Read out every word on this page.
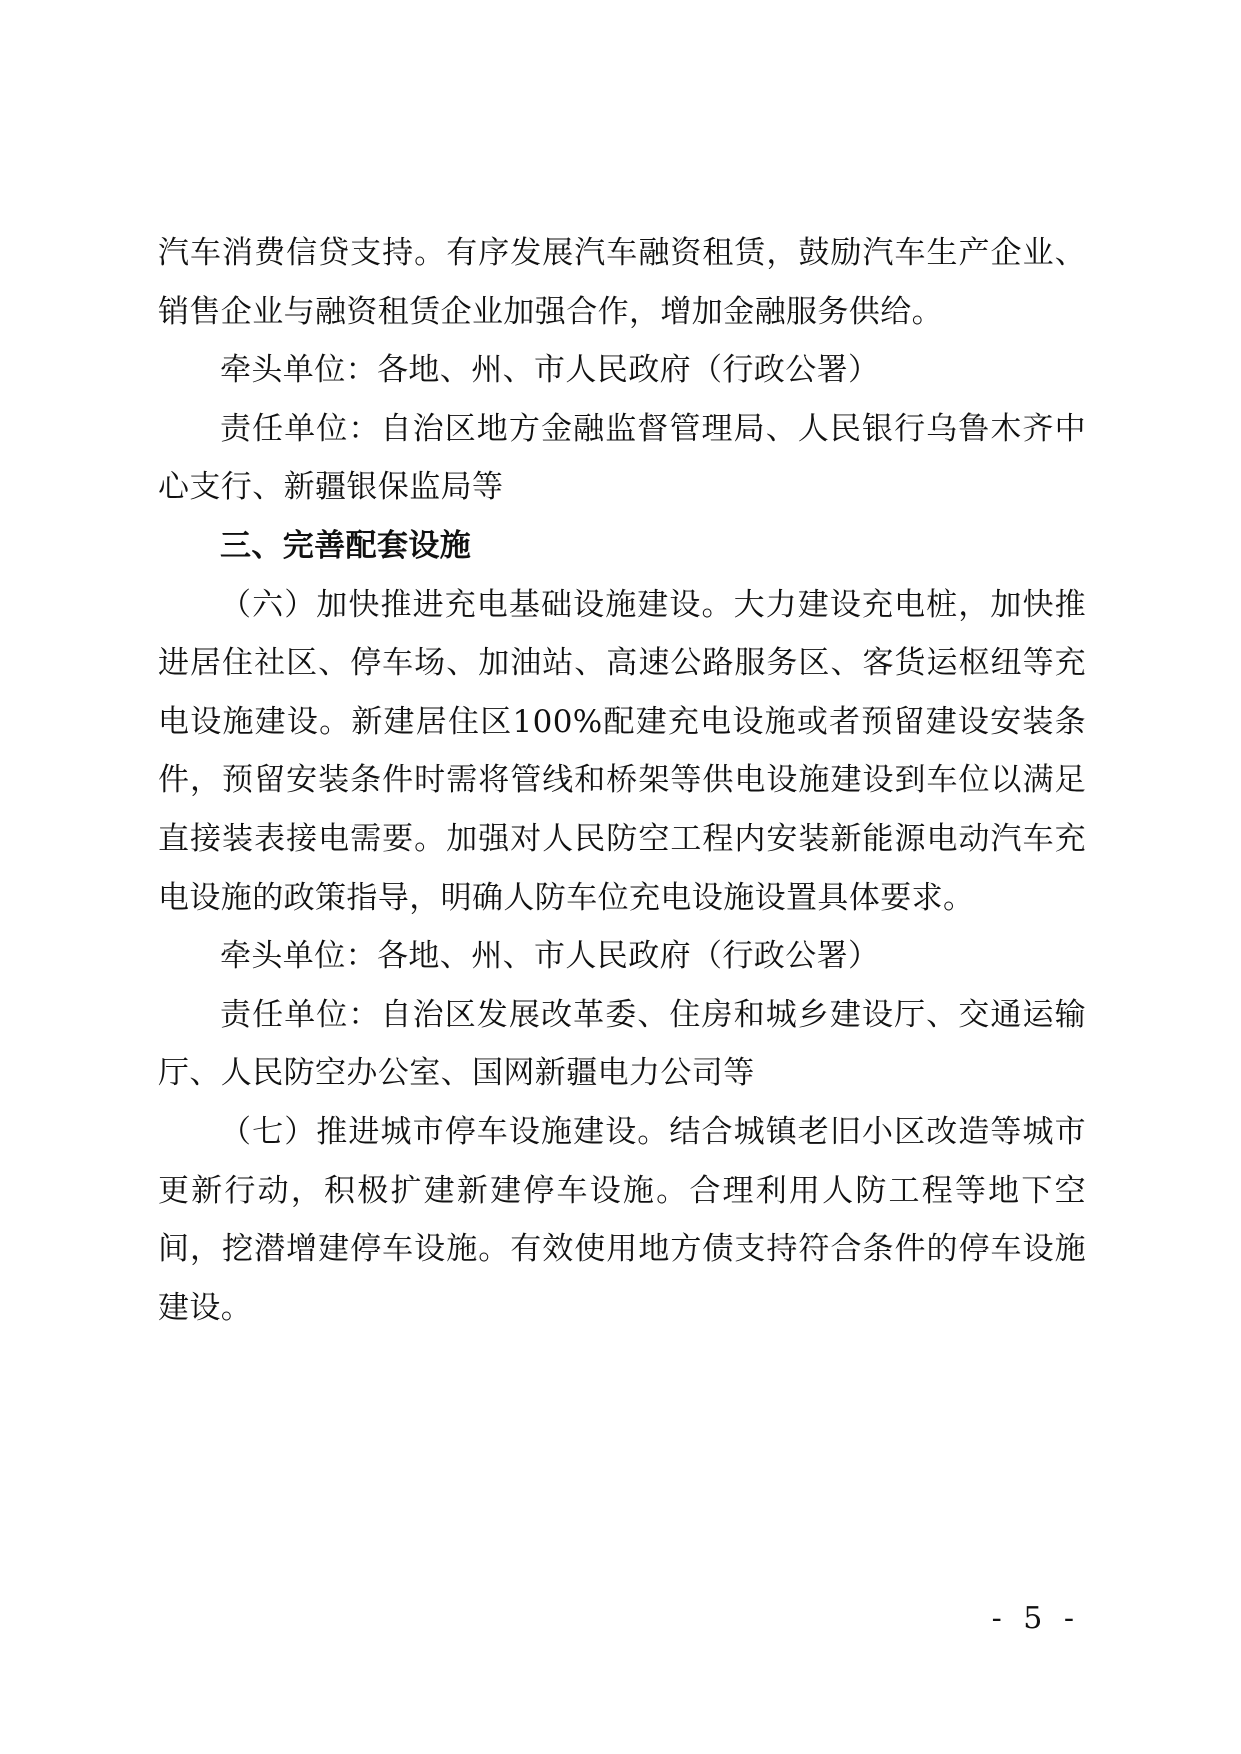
汽车消费信贷支持。有序发展汽车融资租赁，鼓励汽车生产企业、销售企业与融资租赁企业加强合作，增加金融服务供给。

牵头单位：各地、州、市人民政府（行政公署）

责任单位：自治区地方金融监督管理局、人民银行乌鲁木齐中心支行、新疆银保监局等

三、完善配套设施

（六）加快推进充电基础设施建设。大力建设充电桩，加快推进居住社区、停车场、加油站、高速公路服务区、客货运枢纽等充电设施建设。新建居住区100%配建充电设施或者预留建设安装条件，预留安装条件时需将管线和桥架等供电设施建设到车位以满足直接装表接电需要。加强对人民防空工程内安装新能源电动汽车充电设施的政策指导，明确人防车位充电设施设置具体要求。

牵头单位：各地、州、市人民政府（行政公署）

责任单位：自治区发展改革委、住房和城乡建设厅、交通运输厅、人民防空办公室、国网新疆电力公司等

（七）推进城市停车设施建设。结合城镇老旧小区改造等城市更新行动，积极扩建新建停车设施。合理利用人防工程等地下空间，挖潜增建停车设施。有效使用地方债支持符合条件的停车设施建设。

- 5 -
